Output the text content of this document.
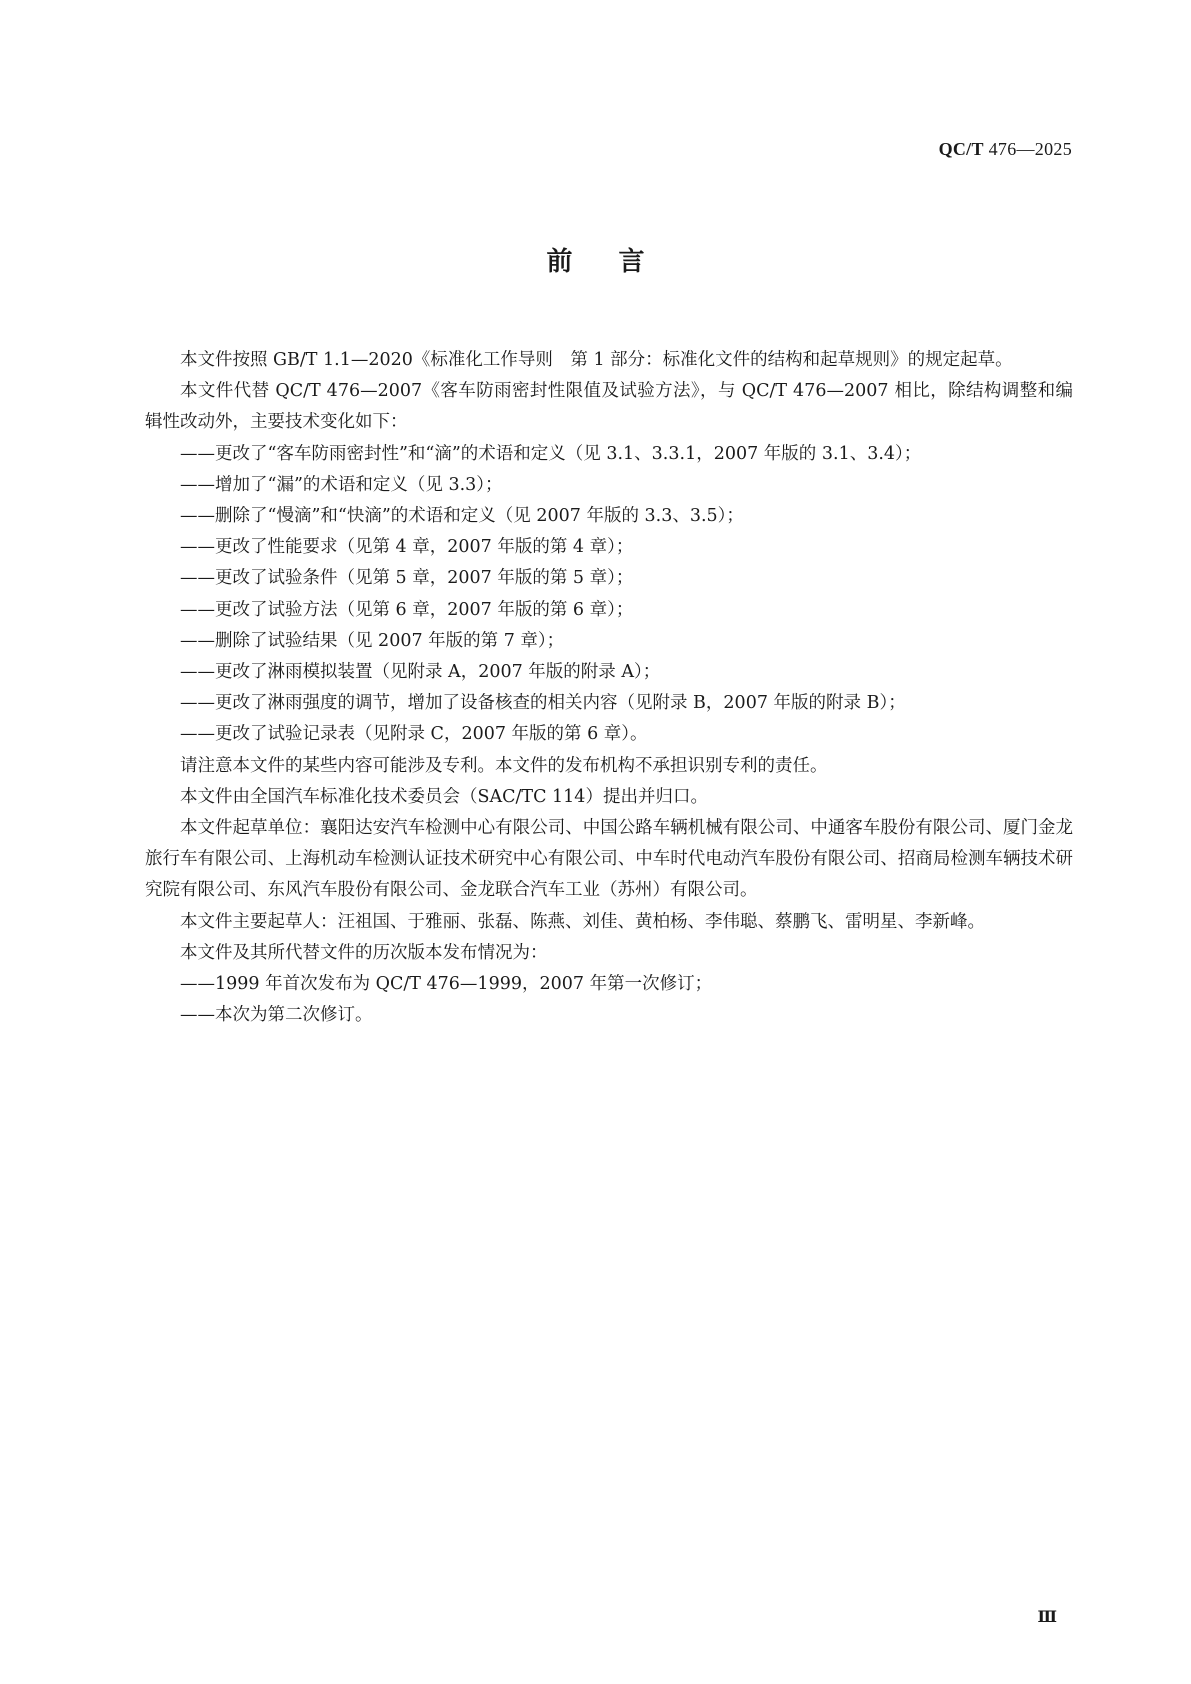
QC/T 476—2025
前言

本文件按照 GB/T 1.1—2020《标准化工作导则　第 1 部分：标准化文件的结构和起草规则》的规定起草。

本文件代替 QC/T 476—2007《客车防雨密封性限值及试验方法》，与 QC/T 476—2007 相比，除结构调整和编辑性改动外，主要技术变化如下：

——更改了“客车防雨密封性”和“滴”的术语和定义（见 3.1、3.3.1，2007 年版的 3.1、3.4）；

——增加了“漏”的术语和定义（见 3.3）；

——删除了“慢滴”和“快滴”的术语和定义（见 2007 年版的 3.3、3.5）；

——更改了性能要求（见第 4 章，2007 年版的第 4 章）；

——更改了试验条件（见第 5 章，2007 年版的第 5 章）；

——更改了试验方法（见第 6 章，2007 年版的第 6 章）；

——删除了试验结果（见 2007 年版的第 7 章）；

——更改了淋雨模拟装置（见附录 A，2007 年版的附录 A）；

——更改了淋雨强度的调节，增加了设备核查的相关内容（见附录 B，2007 年版的附录 B）；

——更改了试验记录表（见附录 C，2007 年版的第 6 章）。

请注意本文件的某些内容可能涉及专利。本文件的发布机构不承担识别专利的责任。

本文件由全国汽车标准化技术委员会（SAC/TC 114）提出并归口。

本文件起草单位：襄阳达安汽车检测中心有限公司、中国公路车辆机械有限公司、中通客车股份有限公司、厦门金龙旅行车有限公司、上海机动车检测认证技术研究中心有限公司、中车时代电动汽车股份有限公司、招商局检测车辆技术研究院有限公司、东风汽车股份有限公司、金龙联合汽车工业（苏州）有限公司。

本文件主要起草人：汪祖国、于雅丽、张磊、陈燕、刘佳、黄柏杨、李伟聪、蔡鹏飞、雷明星、李新峰。

本文件及其所代替文件的历次版本发布情况为：

——1999 年首次发布为 QC/T 476—1999，2007 年第一次修订；

——本次为第二次修订。

Ⅲ
